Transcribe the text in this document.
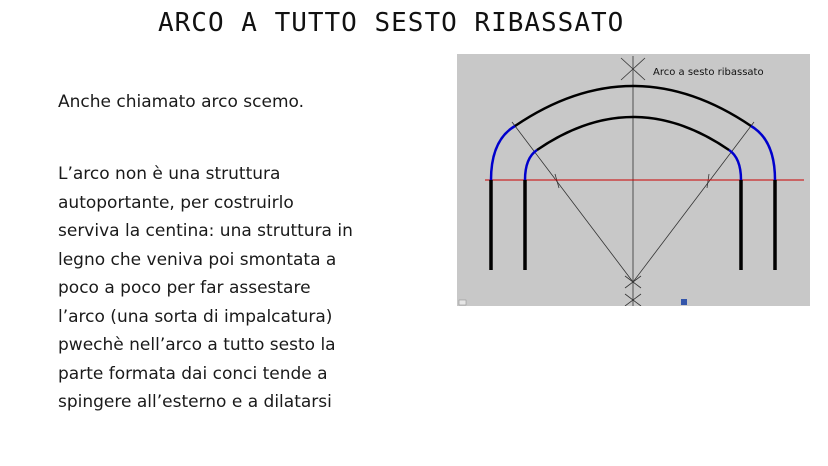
ARCO A TUTTO SESTO RIBASSATO
Anche chiamato arco scemo.
L’arco non è una struttura
autoportante, per costruirlo
serviva la centina: una struttura in
legno che veniva poi smontata a
poco a poco per far assestare
l’arco (una sorta di impalcatura)
pwechè nell’arco a tutto sesto la
parte formata dai conci tende a
spingere all’esterno e a dilatarsi
Arco a sesto ribassato
